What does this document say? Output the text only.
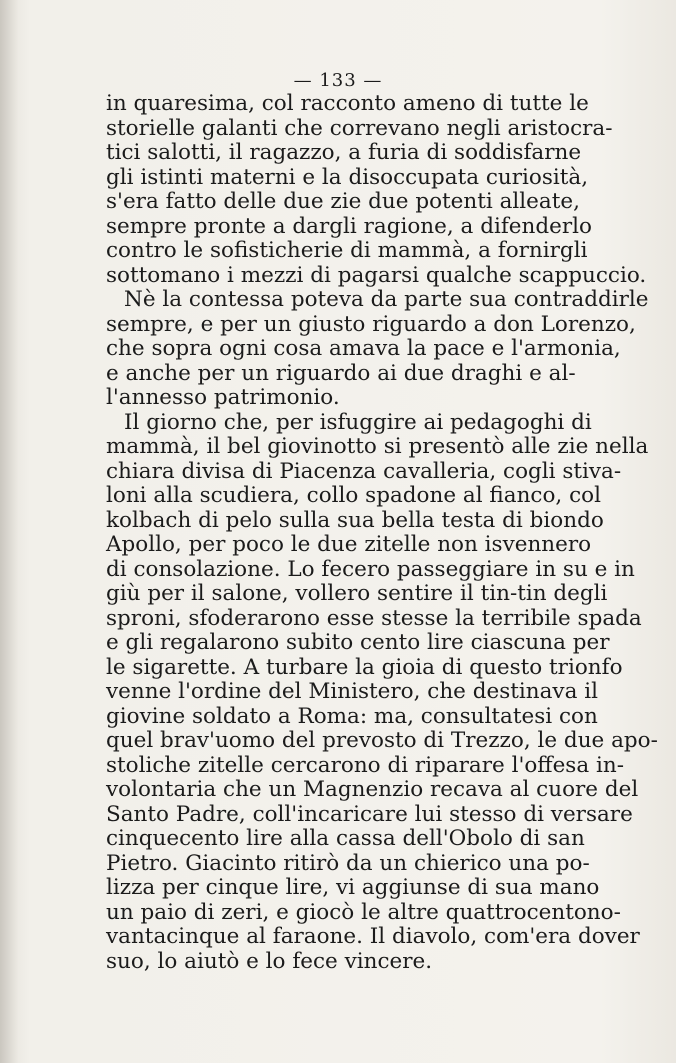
— 133 —
in quaresima, col racconto ameno di tutte le
storielle galanti che correvano negli aristocra-
tici salotti, il ragazzo, a furia di soddisfarne
gli istinti materni e la disoccupata curiosità,
s'era fatto delle due zie due potenti alleate,
sempre pronte a dargli ragione, a difenderlo
contro le sofisticherie di mammà, a fornirgli
sottomano i mezzi di pagarsi qualche scappuccio.
Nè la contessa poteva da parte sua contraddirle
sempre, e per un giusto riguardo a don Lorenzo,
che sopra ogni cosa amava la pace e l'armonia,
e anche per un riguardo ai due draghi e al-
l'annesso patrimonio.
Il giorno che, per isfuggire ai pedagoghi di
mammà, il bel giovinotto si presentò alle zie nella
chiara divisa di Piacenza cavalleria, cogli stiva-
loni alla scudiera, collo spadone al fianco, col
kolbach di pelo sulla sua bella testa di biondo
Apollo, per poco le due zitelle non isvennero
di consolazione. Lo fecero passeggiare in su e in
giù per il salone, vollero sentire il tin-tin degli
sproni, sfoderarono esse stesse la terribile spada
e gli regalarono subito cento lire ciascuna per
le sigarette. A turbare la gioia di questo trionfo
venne l'ordine del Ministero, che destinava il
giovine soldato a Roma: ma, consultatesi con
quel brav'uomo del prevosto di Trezzo, le due apo-
stoliche zitelle cercarono di riparare l'offesa in-
volontaria che un Magnenzio recava al cuore del
Santo Padre, coll'incaricare lui stesso di versare
cinquecento lire alla cassa dell'Obolo di san
Pietro. Giacinto ritirò da un chierico una po-
lizza per cinque lire, vi aggiunse di sua mano
un paio di zeri, e giocò le altre quattrocentono-
vantacinque al faraone. Il diavolo, com'era dover
suo, lo aiutò e lo fece vincere.
